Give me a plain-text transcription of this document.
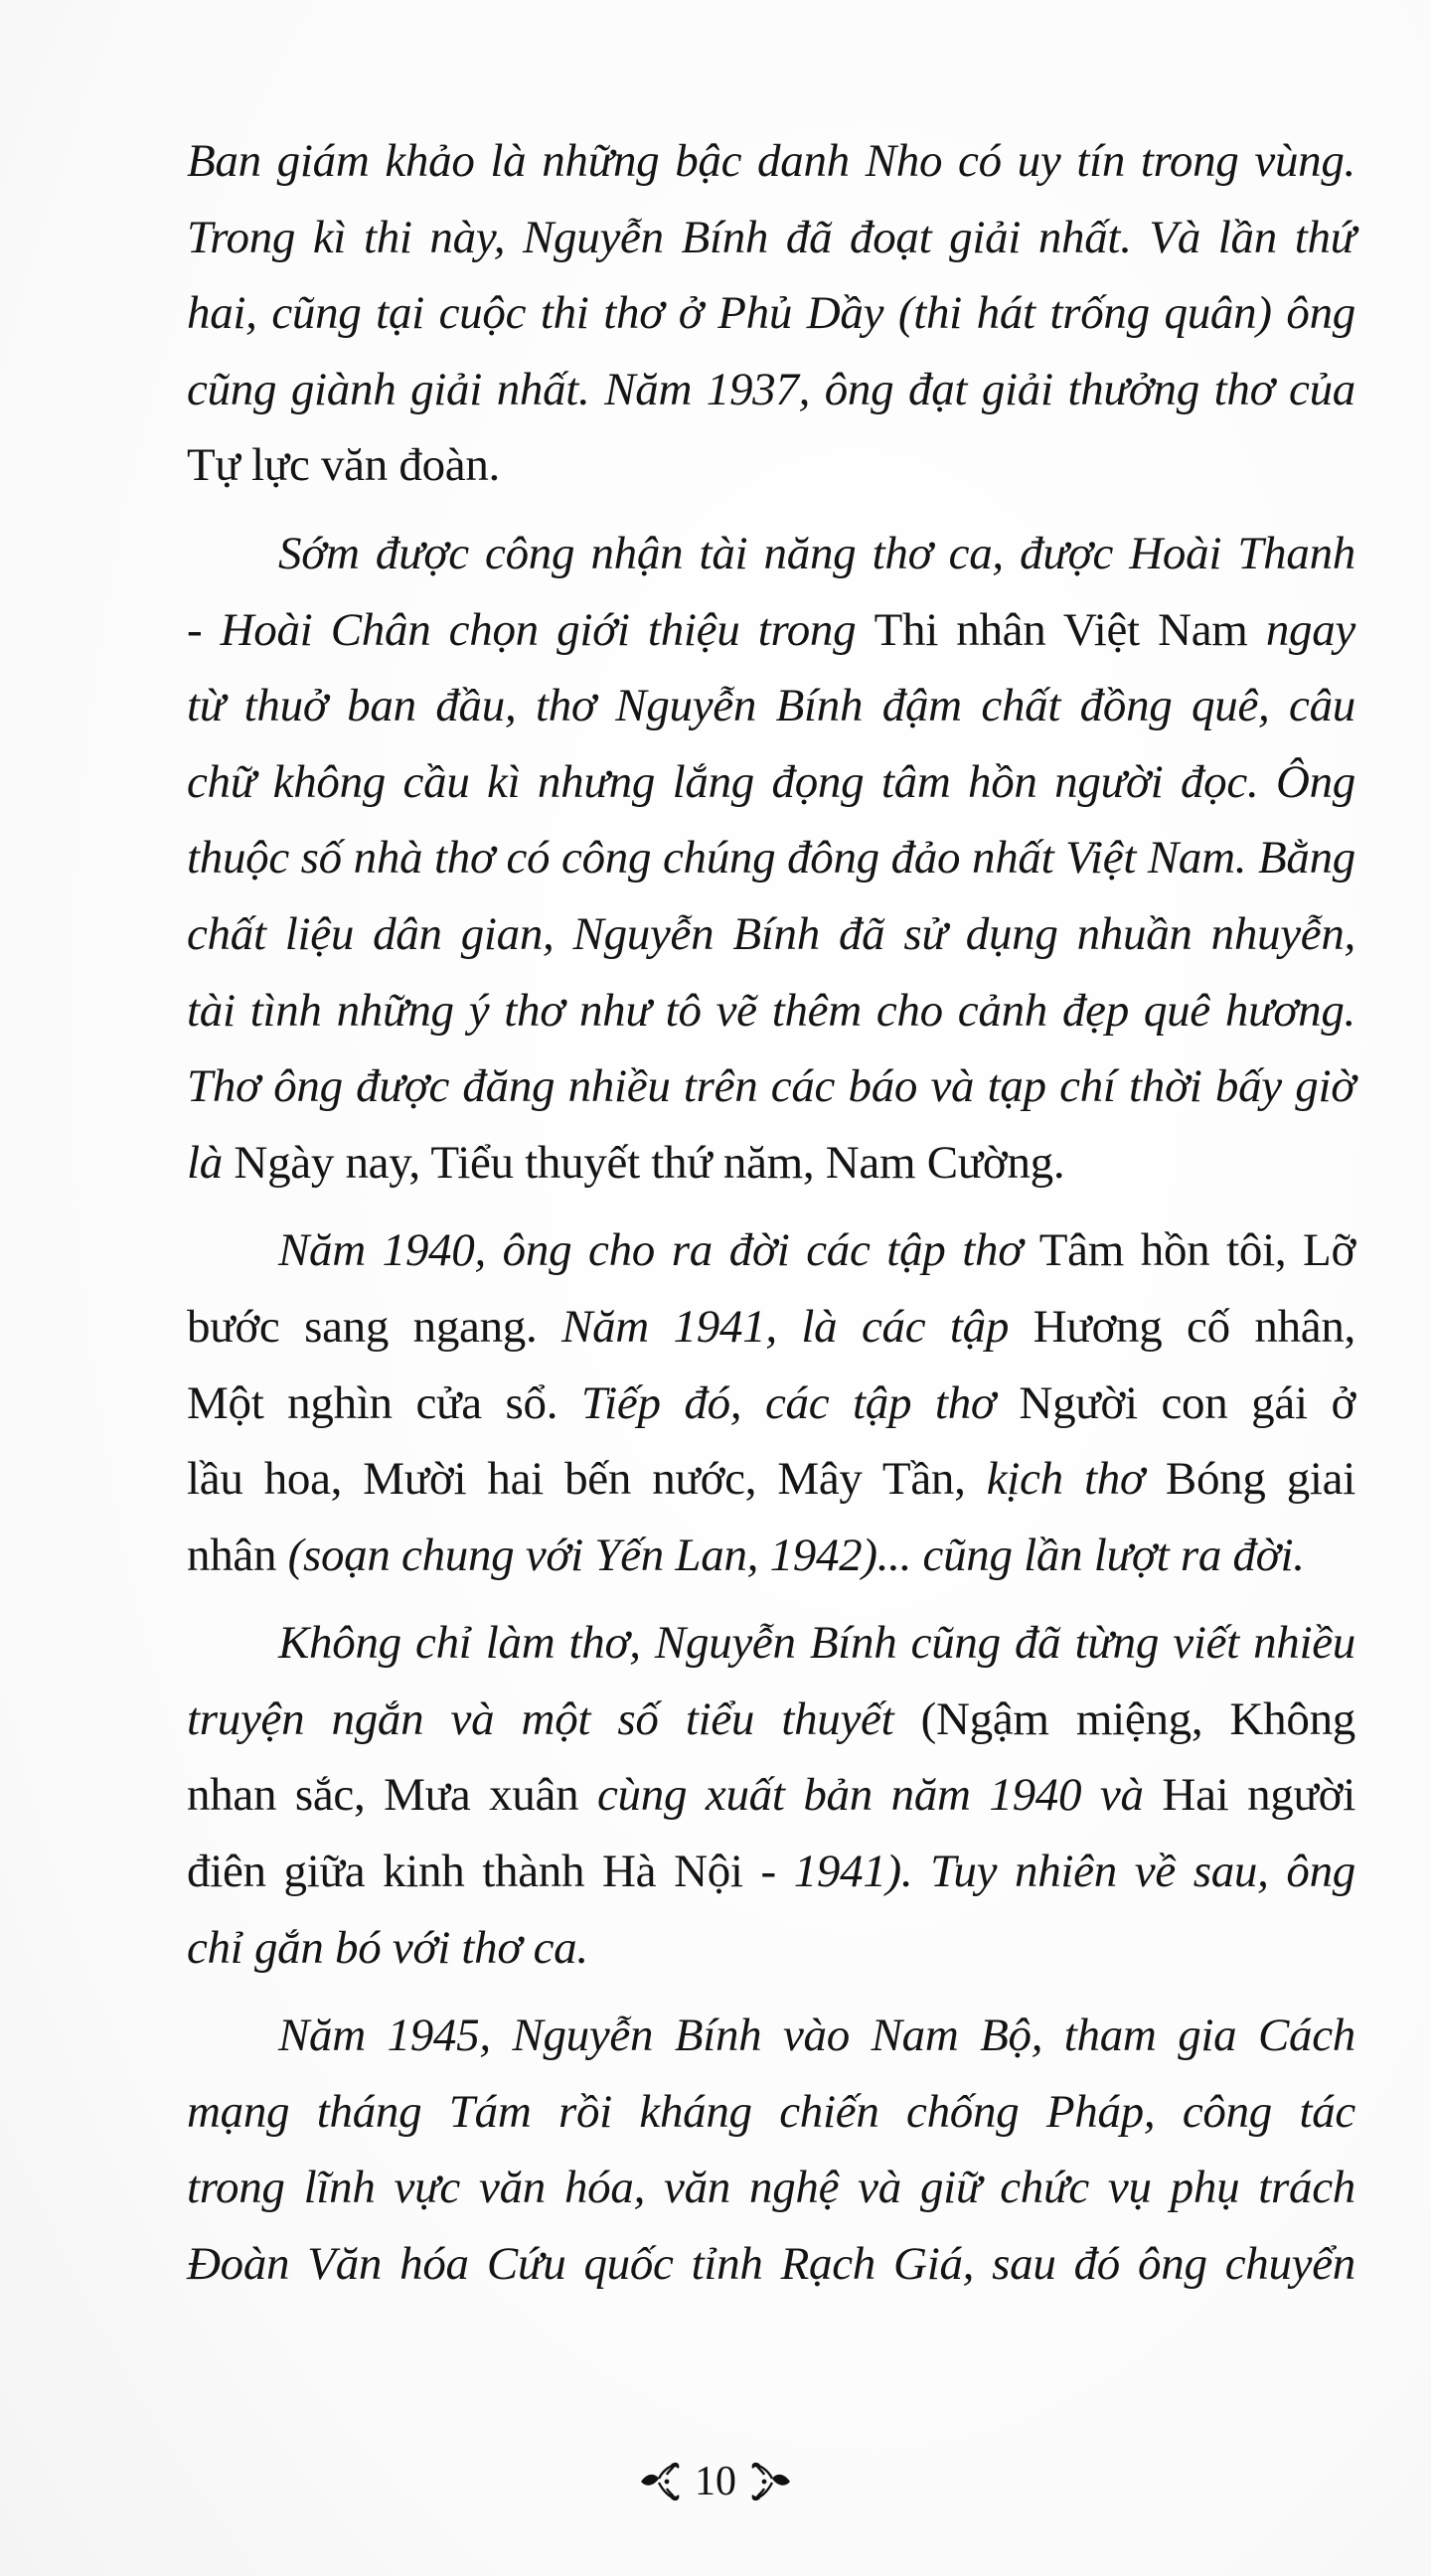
Ban giám khảo là những bậc danh Nho có uy tín trong vùng.
Trong kì thi này, Nguyễn Bính đã đoạt giải nhất. Và lần thứ
hai, cũng tại cuộc thi thơ ở Phủ Dầy (thi hát trống quân) ông
cũng giành giải nhất. Năm 1937, ông đạt giải thưởng thơ của
Tự lực văn đoàn.
Sớm được công nhận tài năng thơ ca, được Hoài Thanh
- Hoài Chân chọn giới thiệu trong Thi nhân Việt Nam ngay
từ thuở ban đầu, thơ Nguyễn Bính đậm chất đồng quê, câu
chữ không cầu kì nhưng lắng đọng tâm hồn người đọc. Ông
thuộc số nhà thơ có công chúng đông đảo nhất Việt Nam. Bằng
chất liệu dân gian, Nguyễn Bính đã sử dụng nhuần nhuyễn,
tài tình những ý thơ như tô vẽ thêm cho cảnh đẹp quê hương.
Thơ ông được đăng nhiều trên các báo và tạp chí thời bấy giờ
là Ngày nay, Tiểu thuyết thứ năm, Nam Cường.
Năm 1940, ông cho ra đời các tập thơ Tâm hồn tôi, Lỡ
bước sang ngang. Năm 1941, là các tập Hương cố nhân,
Một nghìn cửa sổ. Tiếp đó, các tập thơ Người con gái ở
lầu hoa, Mười hai bến nước, Mây Tần, kịch thơ Bóng giai
nhân (soạn chung với Yến Lan, 1942)... cũng lần lượt ra đời.
Không chỉ làm thơ, Nguyễn Bính cũng đã từng viết nhiều
truyện ngắn và một số tiểu thuyết (Ngậm miệng, Không
nhan sắc, Mưa xuân cùng xuất bản năm 1940 và Hai người
điên giữa kinh thành Hà Nội - 1941). Tuy nhiên về sau, ông
chỉ gắn bó với thơ ca.
Năm 1945, Nguyễn Bính vào Nam Bộ, tham gia Cách
mạng tháng Tám rồi kháng chiến chống Pháp, công tác
trong lĩnh vực văn hóa, văn nghệ và giữ chức vụ phụ trách
Đoàn Văn hóa Cứu quốc tỉnh Rạch Giá, sau đó ông chuyển
10
